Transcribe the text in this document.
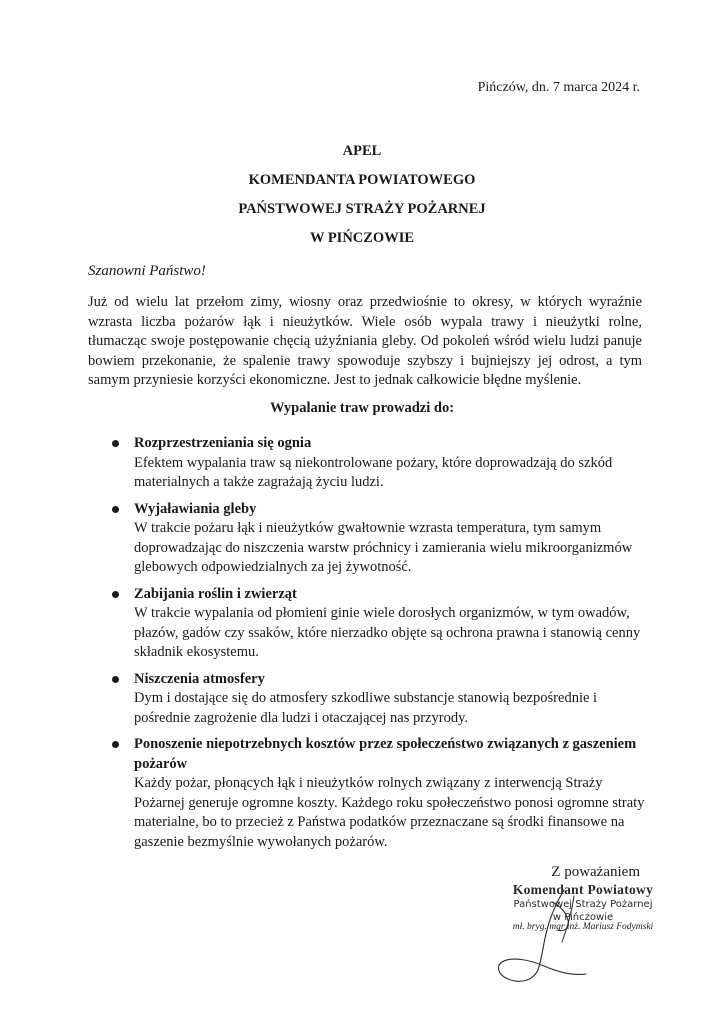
Pińczów, dn. 7 marca 2024 r.
APEL
KOMENDANTA POWIATOWEGO
PAŃSTWOWEJ STRAŻY POŻARNEJ
W PIŃCZOWIE
Szanowni Państwo!

Już od wielu lat przełom zimy, wiosny oraz przedwiośnie to okresy, w których wyraźnie wzrasta liczba pożarów łąk i nieużytków. Wiele osób wypala trawy i nieużytki rolne, tłumacząc swoje postępowanie chęcią użyźniania gleby. Od pokoleń wśród wielu ludzi panuje bowiem przekonanie, że spalenie trawy spowoduje szybszy i bujniejszy jej odrost, a tym samym przyniesie korzyści ekonomiczne. Jest to jednak całkowicie błędne myślenie.

Wypalanie traw prowadzi do:
Rozprzestrzeniania się ognia
Efektem wypalania traw są niekontrolowane pożary, które doprowadzają do szkód materialnych a także zagrażają życiu ludzi.
Wyjaławiania gleby
W trakcie pożaru łąk i nieużytków gwałtownie wzrasta temperatura, tym samym doprowadzając do niszczenia warstw próchnicy i zamierania wielu mikroorganizmów glebowych odpowiedzialnych za jej żywotność.
Zabijania roślin i zwierząt
W trakcie wypalania od płomieni ginie wiele dorosłych organizmów, w tym owadów, płazów, gadów czy ssaków, które nierzadko objęte są ochrona prawna i stanowią cenny składnik ekosystemu.
Niszczenia atmosfery
Dym i dostające się do atmosfery szkodliwe substancje stanowią bezpośrednie i pośrednie zagrożenie dla ludzi i otaczającej nas przyrody.
Ponoszenie niepotrzebnych kosztów przez społeczeństwo związanych z gaszeniem pożarów
Każdy pożar, płonących łąk i nieużytków rolnych związany z interwencją Straży Pożarnej generuje ogromne koszty. Każdego roku społeczeństwo ponosi ogromne straty materialne, bo to przecież z Państwa podatków przeznaczane są środki finansowe na gaszenie bezmyślnie wywołanych pożarów.
Z poważaniem
Komendant Powiatowy
Państwowej Straży Pożarnej
w Pińczowie
mł. bryg. mgr inż. Mariusz Fodymski
